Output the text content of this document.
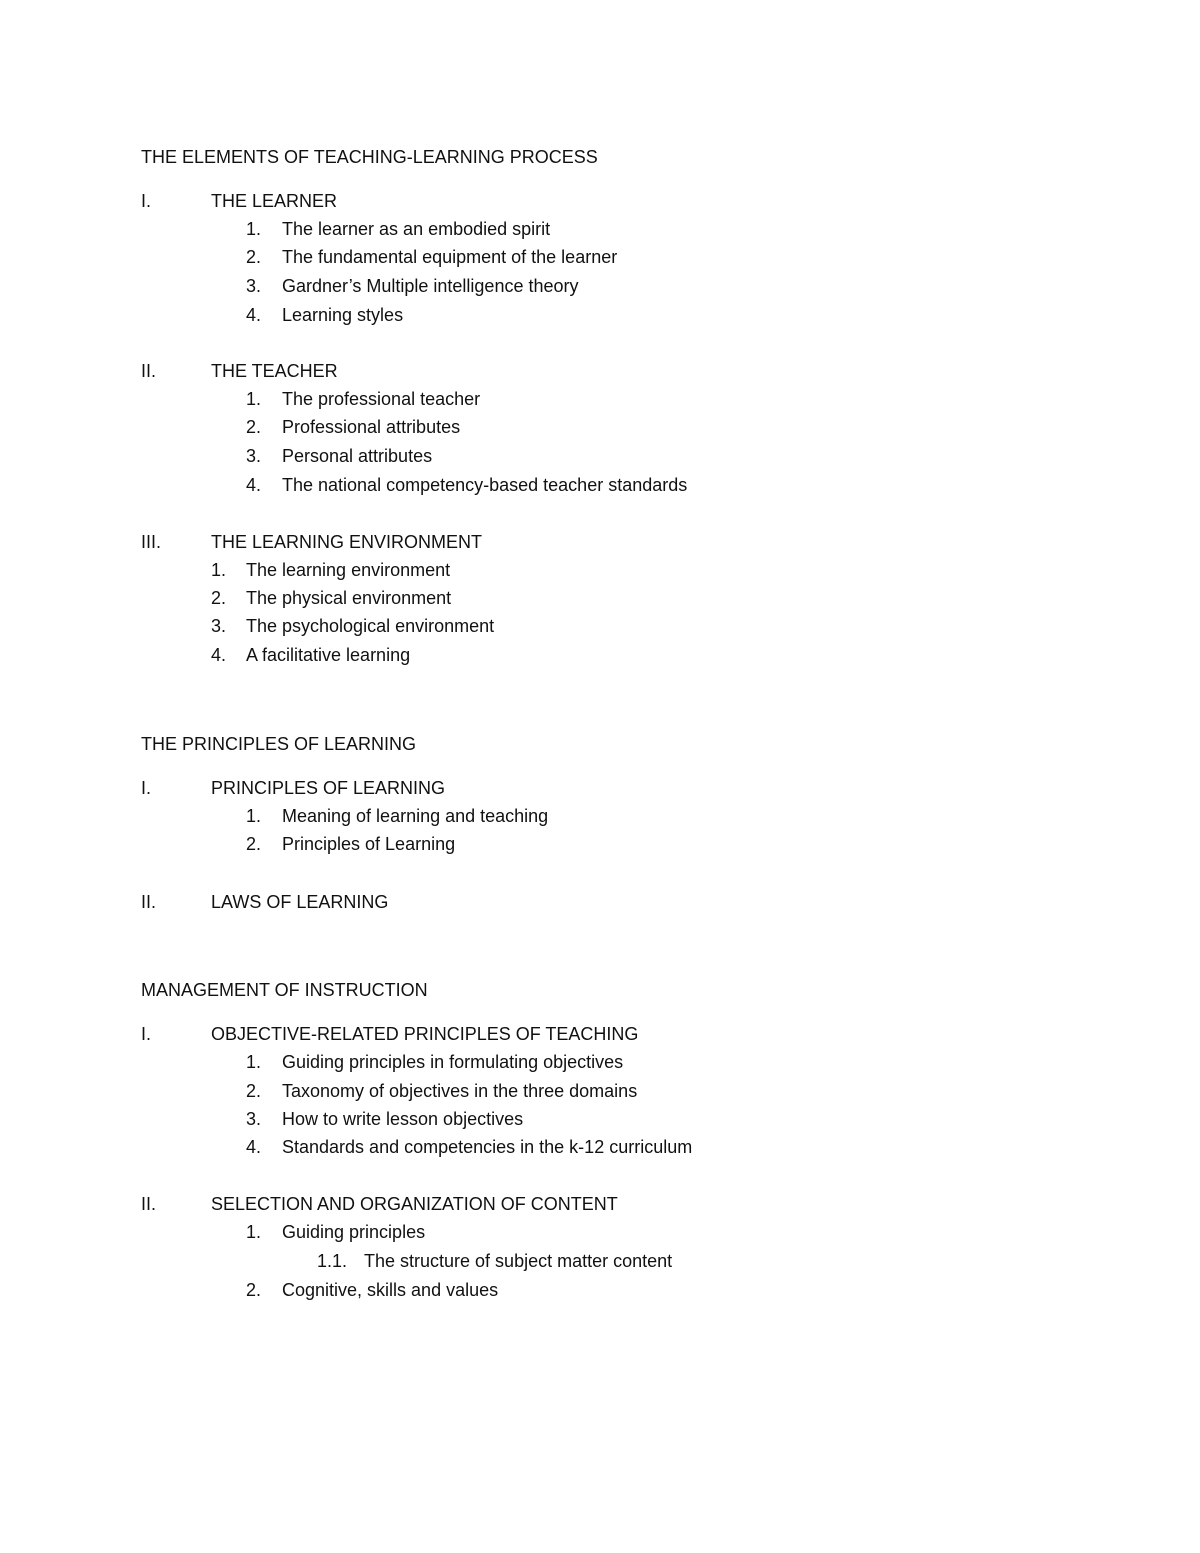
THE ELEMENTS OF TEACHING-LEARNING PROCESS
I.	THE LEARNER
1. The learner as an embodied spirit
2. The fundamental equipment of the learner
3. Gardner’s Multiple intelligence theory
4. Learning styles
II.	THE TEACHER
1. The professional teacher
2. Professional attributes
3. Personal attributes
4. The national competency-based teacher standards
III.	THE LEARNING ENVIRONMENT
1. The learning environment
2. The physical environment
3. The psychological environment
4. A facilitative learning
THE PRINCIPLES OF LEARNING
I.	PRINCIPLES OF LEARNING
1. Meaning of learning and teaching
2. Principles of Learning
II.	LAWS OF LEARNING
MANAGEMENT OF INSTRUCTION
I.	OBJECTIVE-RELATED PRINCIPLES OF TEACHING
1. Guiding principles in formulating objectives
2. Taxonomy of objectives in the three domains
3. How to write lesson objectives
4. Standards and competencies in the k-12 curriculum
II.	SELECTION AND ORGANIZATION OF CONTENT
1. Guiding principles
1.1. The structure of subject matter content
2. Cognitive, skills and values
